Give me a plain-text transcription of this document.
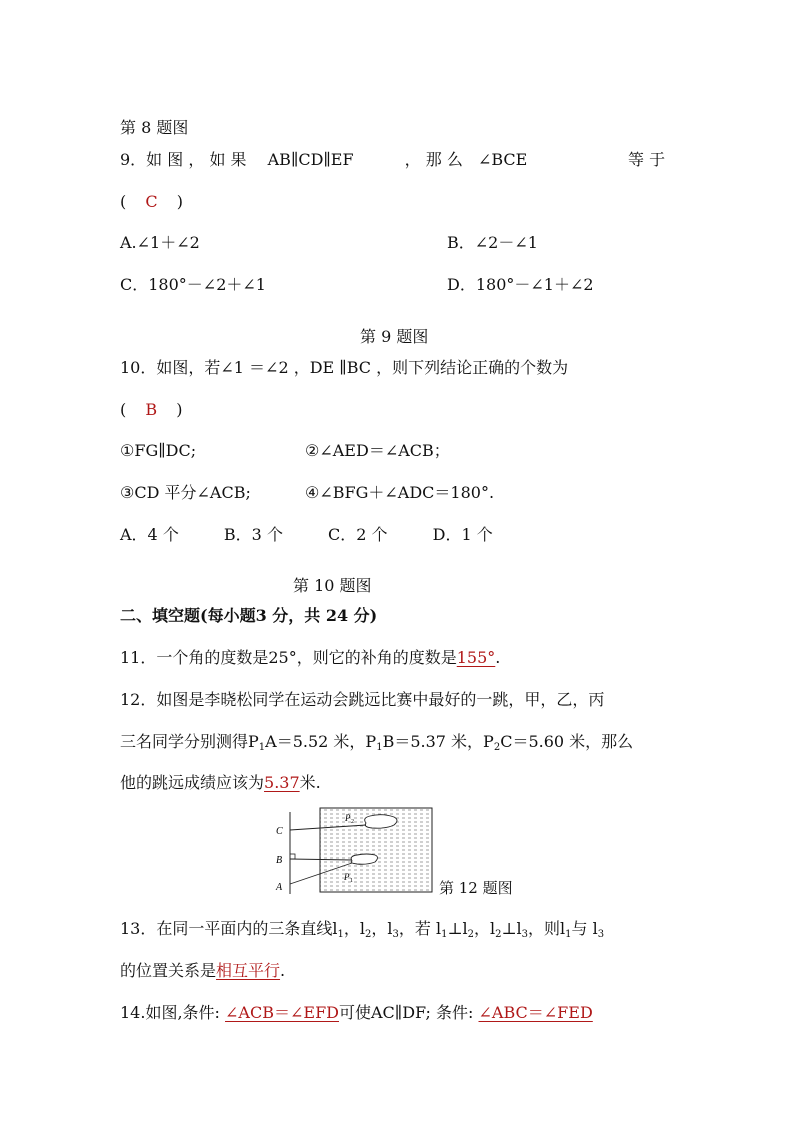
第 8 题图
9．如 图 ， 如 果 AB∥CD∥EF	， 那 么 ∠BCE	等 于
( C )
A.∠1＋∠2	B．∠2－∠1
C．180°－∠2＋∠1	D．180°－∠1＋∠2
第 9 题图
10．如图，若∠1 ＝∠2 ，DE ∥BC ，则下列结论正确的个数为
( B )
①FG∥DC;	②∠AED＝∠ACB；
③CD 平分∠ACB;	④∠BFG＋∠ADC＝180°.
A．4 个	B．3 个	C．2 个	D．1 个
第 10 题图
二、填空题(每小题3 分，共 24 分)
11．一个角的度数是25°，则它的补角的度数是155°.
12．如图是李晓松同学在运动会跳远比赛中最好的一跳，甲，乙，丙
三名同学分别测得$P_1A=5.52$ 米，$P_1B=5.37$ 米，$P_2C=5.60$ 米，那么
他的跳远成绩应该为5.37米.
C
B
A
P 2
P 1	第 12 题图
13．在同一平面内的三条直线$l_1$，$l_2$，$l_3$，若 $l_1\perp l_2$，$l_2\perp l_3$，则$l_1$与 $l_3$
的位置关系是相互平行.
14.如图,条件: ∠ACB＝∠EFD可使AC∥DF; 条件: ∠ABC＝∠FED
